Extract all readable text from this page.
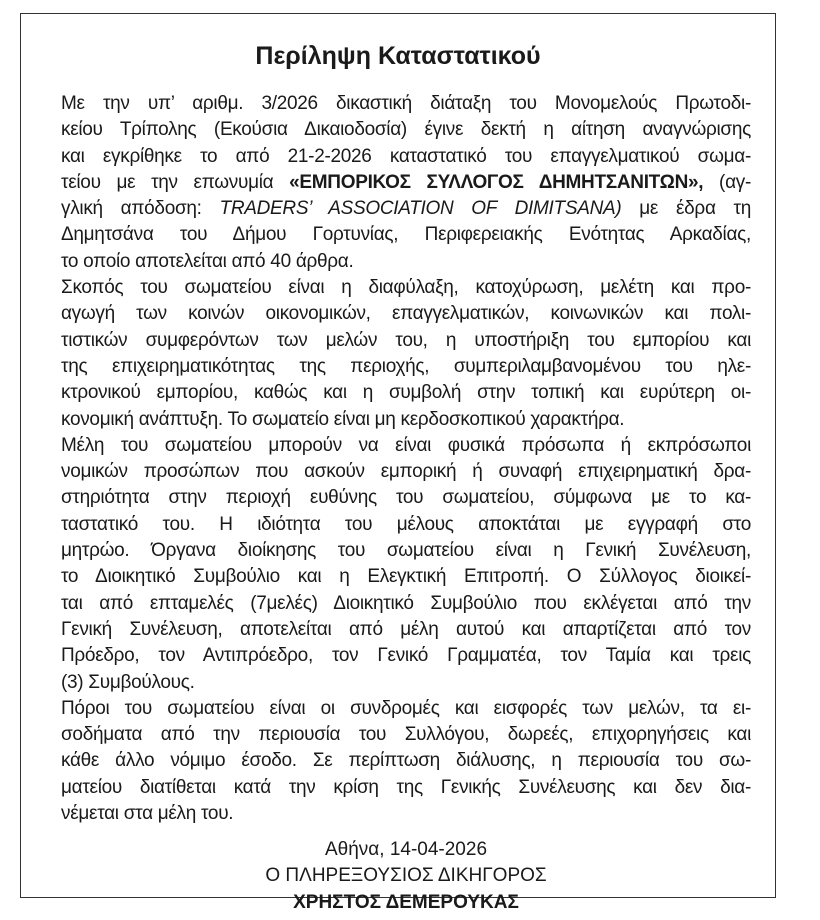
Περίληψη Καταστατικού
Με την υπ’ αριθμ. 3/2026 δικαστική διάταξη του Μονομελούς Πρωτοδι-
κείου Τρίπολης (Εκούσια Δικαιοδοσία) έγινε δεκτή η αίτηση αναγνώρισης
και εγκρίθηκε το από 21-2-2026 καταστατικό του επαγγελματικού σωμα-
τείου με την επωνυμία «ΕΜΠΟΡΙΚΟΣ ΣΥΛΛΟΓΟΣ ΔΗΜΗΤΣΑΝΙΤΩΝ», (αγ-
γλική απόδοση: TRADERS’ ASSOCIATION OF DIMITSANA) με έδρα τη
Δημητσάνα του Δήμου Γορτυνίας, Περιφερειακής Ενότητας Αρκαδίας,
το οποίο αποτελείται από 40 άρθρα.
Σκοπός του σωματείου είναι η διαφύλαξη, κατοχύρωση, μελέτη και προ-
αγωγή των κοινών οικονομικών, επαγγελματικών, κοινωνικών και πολι-
τιστικών συμφερόντων των μελών του, η υποστήριξη του εμπορίου και
της επιχειρηματικότητας της περιοχής, συμπεριλαμβανομένου του ηλε-
κτρονικού εμπορίου, καθώς και η συμβολή στην τοπική και ευρύτερη οι-
κονομική ανάπτυξη. Το σωματείο είναι μη κερδοσκοπικού χαρακτήρα.
Μέλη του σωματείου μπορούν να είναι φυσικά πρόσωπα ή εκπρόσωποι
νομικών προσώπων που ασκούν εμπορική ή συναφή επιχειρηματική δρα-
στηριότητα στην περιοχή ευθύνης του σωματείου, σύμφωνα με το κα-
ταστατικό του. Η ιδιότητα του μέλους αποκτάται με εγγραφή στο
μητρώο. Όργανα διοίκησης του σωματείου είναι η Γενική Συνέλευση,
το Διοικητικό Συμβούλιο και η Ελεγκτική Επιτροπή. Ο Σύλλογος διοικεί-
ται από επταμελές (7μελές) Διοικητικό Συμβούλιο που εκλέγεται από την
Γενική Συνέλευση, αποτελείται από μέλη αυτού και απαρτίζεται από τον
Πρόεδρο, τον Αντιπρόεδρο, τον Γενικό Γραμματέα, τον Ταμία και τρεις
(3) Συμβούλους.
Πόροι του σωματείου είναι οι συνδρομές και εισφορές των μελών, τα ει-
σοδήματα από την περιουσία του Συλλόγου, δωρεές, επιχορηγήσεις και
κάθε άλλο νόμιμο έσοδο. Σε περίπτωση διάλυσης, η περιουσία του σω-
ματείου διατίθεται κατά την κρίση της Γενικής Συνέλευσης και δεν δια-
νέμεται στα μέλη του.
Αθήνα, 14-04-2026
Ο ΠΛΗΡΕΞΟΥΣΙΟΣ ΔΙΚΗΓΟΡΟΣ
ΧΡΗΣΤΟΣ ΔΕΜΕΡΟΥΚΑΣ
